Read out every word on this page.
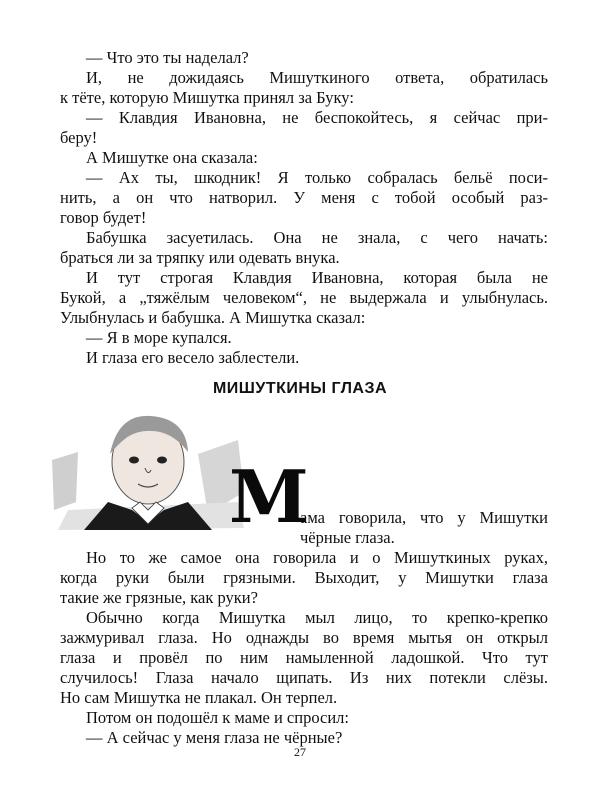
— Что это ты наделал?
И, не дожидаясь Мишуткиного ответа, обратилась
к тёте, которую Мишутка принял за Буку:
— Клавдия Ивановна, не беспокойтесь, я сейчас при-
беру!
А Мишутке она сказала:
— Ах ты, шкодник! Я только собралась бельё поси-
нить, а он что натворил. У меня с тобой особый раз-
говор будет!
Бабушка засуетилась. Она не знала, с чего начать:
браться ли за тряпку или одевать внука.
И тут строгая Клавдия Ивановна, которая была не
Букой, а „тяжёлым человеком“, не выдержала и улыбнулась.
Улыбнулась и бабушка. А Мишутка сказал:
— Я в море купался.
И глаза его весело заблестели.
МИШУТКИНЫ ГЛАЗА
М
ама говорила, что у Мишутки
чёрные глаза.
Но то же самое она говорила и о Мишуткиных руках,
когда руки были грязными. Выходит, у Мишутки глаза
такие же грязные, как руки?
Обычно когда Мишутка мыл лицо, то крепко-крепко
зажмуривал глаза. Но однажды во время мытья он открыл
глаза и провёл по ним намыленной ладошкой. Что тут
случилось! Глаза начало щипать. Из них потекли слёзы.
Но сам Мишутка не плакал. Он терпел.
Потом он подошёл к маме и спросил:
— А сейчас у меня глаза не чёрные?
27
